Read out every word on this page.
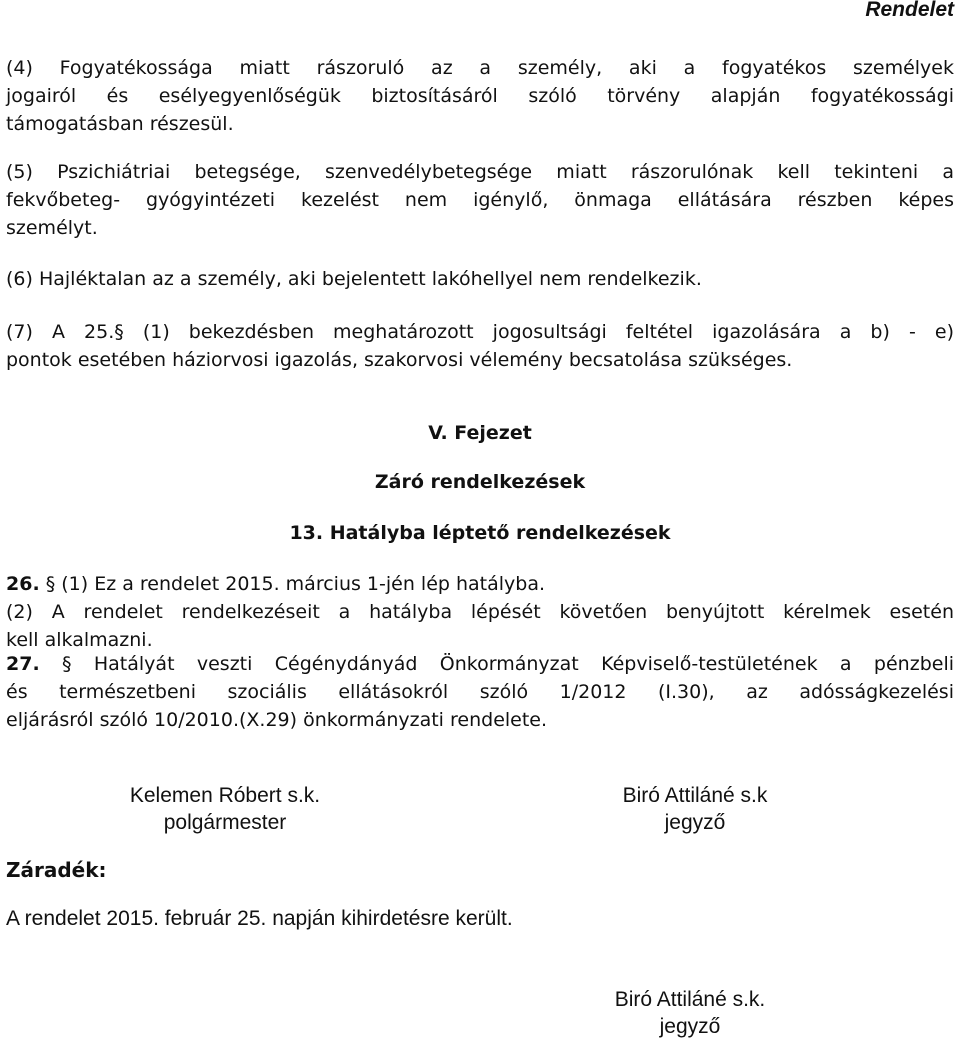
Rendelet

(4) Fogyatékossága miatt rászoruló az a személy, aki a fogyatékos személyek

jogairól és esélyegyenlőségük biztosításáról szóló törvény alapján fogyatékossági

támogatásban részesül.

(5) Pszichiátriai betegsége, szenvedélybetegsége miatt rászorulónak kell tekinteni a

fekvőbeteg- gyógyintézeti kezelést nem igénylő, önmaga ellátására részben képes

személyt.

(6) Hajléktalan az a személy, aki bejelentett lakóhellyel nem rendelkezik.

(7) A 25.§ (1) bekezdésben meghatározott jogosultsági feltétel igazolására a b) - e)

pontok esetében háziorvosi igazolás, szakorvosi vélemény becsatolása szükséges.

V. Fejezet
Záró rendelkezések
13. Hatályba léptető rendelkezések

26. § (1) Ez a rendelet 2015. március 1-jén lép hatályba.

(2) A rendelet rendelkezéseit a hatályba lépését követően benyújtott kérelmek esetén

kell alkalmazni.

27. § Hatályát veszti Cégénydányád Önkormányzat Képviselő-testületének a pénzbeli

és természetbeni szociális ellátásokról szóló 1/2012 (I.30), az adósságkezelési

eljárásról szóló 10/2010.(X.29) önkormányzati rendelete.

Kelemen Róbert s.k.
polgármester
Biró Attiláné s.k
jegyző
Záradék:
A rendelet 2015. február 25. napján kihirdetésre került.
Biró Attiláné s.k.
jegyző
